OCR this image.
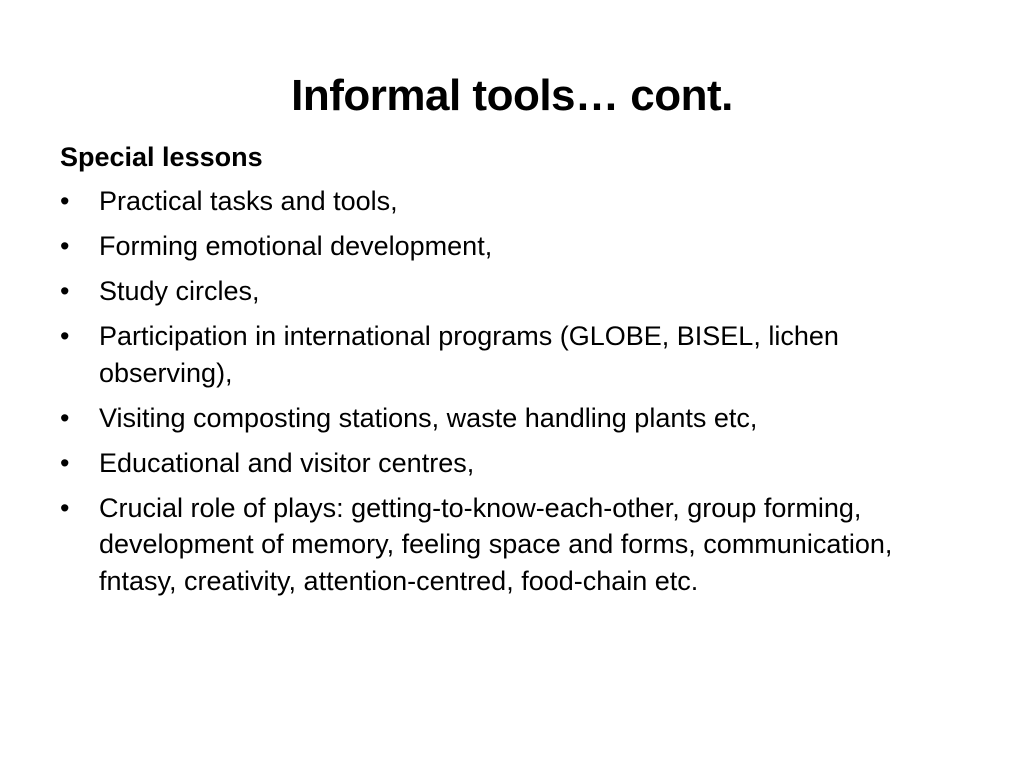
Informal tools… cont.
Special lessons
•	Practical tasks and tools,
•	Forming emotional development,
•	Study circles,
•	Participation in international programs (GLOBE, BISEL, lichen observing),
•	Visiting composting stations, waste handling plants etc,
•	Educational and visitor centres,
•	Crucial role of plays: getting-to-know-each-other, group forming, development of memory, feeling space and forms, communication, fntasy, creativity, attention-centred, food-chain etc.
